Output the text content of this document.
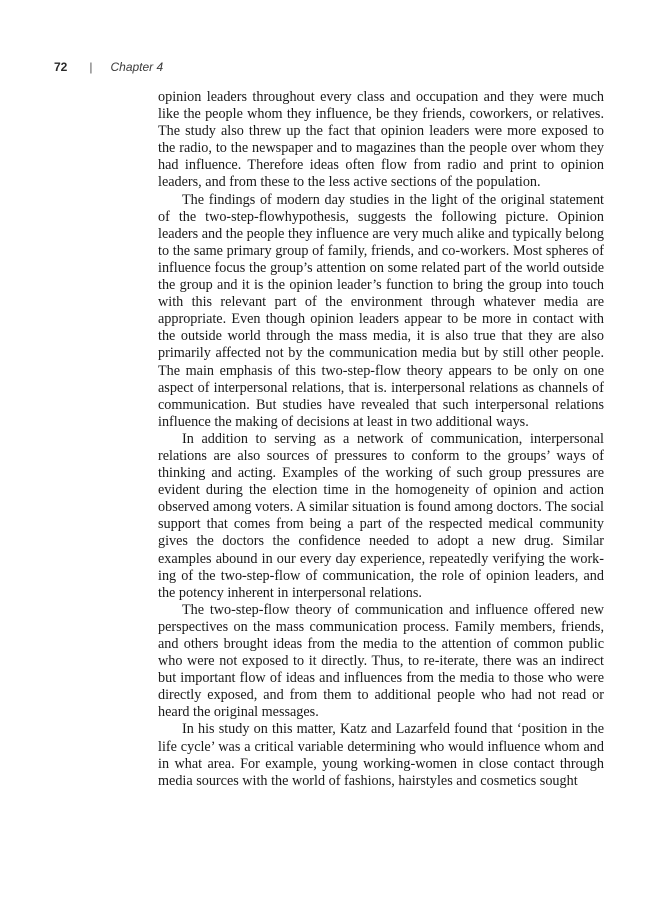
72 | Chapter 4

opinion leaders throughout every class and occupation and they were much like the people whom they influence, be they friends, coworkers, or relatives. The study also threw up the fact that opinion leaders were more exposed to the radio, to the newspaper and to magazines than the people over whom they had influence. Therefore ideas often flow from radio and print to opinion leaders, and from these to the less active sections of the population.

The findings of modern day studies in the light of the original statement of the two-step-flowhypothesis, suggests the following picture. Opinion leaders and the people they influence are very much alike and typically belong to the same primary group of family, friends, and co-workers. Most spheres of influence focus the group’s attention on some related part of the world outside the group and it is the opinion leader’s function to bring the group into touch with this relevant part of the environment through whatever media are appropriate. Even though opinion leaders appear to be more in contact with the outside world through the mass media, it is also true that they are also primarily affected not by the communication media but by still other people. The main emphasis of this two-step-flow theory appears to be only on one aspect of interpersonal relations, that is. interpersonal relations as channels of communication. But studies have revealed that such interpersonal relations influence the making of decisions at least in two additional ways.

In addition to serving as a network of communication, interpersonal relations are also sources of pressures to conform to the groups’ ways of thinking and acting. Examples of the working of such group pressures are evident during the election time in the homogeneity of opinion and action observed among voters. A similar situation is found among doctors. The social support that comes from being a part of the respected medical community gives the doctors the confidence needed to adopt a new drug. Similar examples abound in our every day experience, repeatedly verifying the working of the two-step-flow of communication, the role of opinion leaders, and the potency inherent in interpersonal relations.

The two-step-flow theory of communication and influence offered new perspectives on the mass communication process. Family members, friends, and others brought ideas from the media to the attention of common public who were not exposed to it directly. Thus, to re-iterate, there was an indirect but important flow of ideas and influences from the media to those who were directly exposed, and from them to additional people who had not read or heard the original messages.

In his study on this matter, Katz and Lazarfeld found that ‘position in the life cycle’ was a critical variable determining who would influence whom and in what area. For example, young working-women in close contact through media sources with the world of fashions, hairstyles and cosmetics sought
